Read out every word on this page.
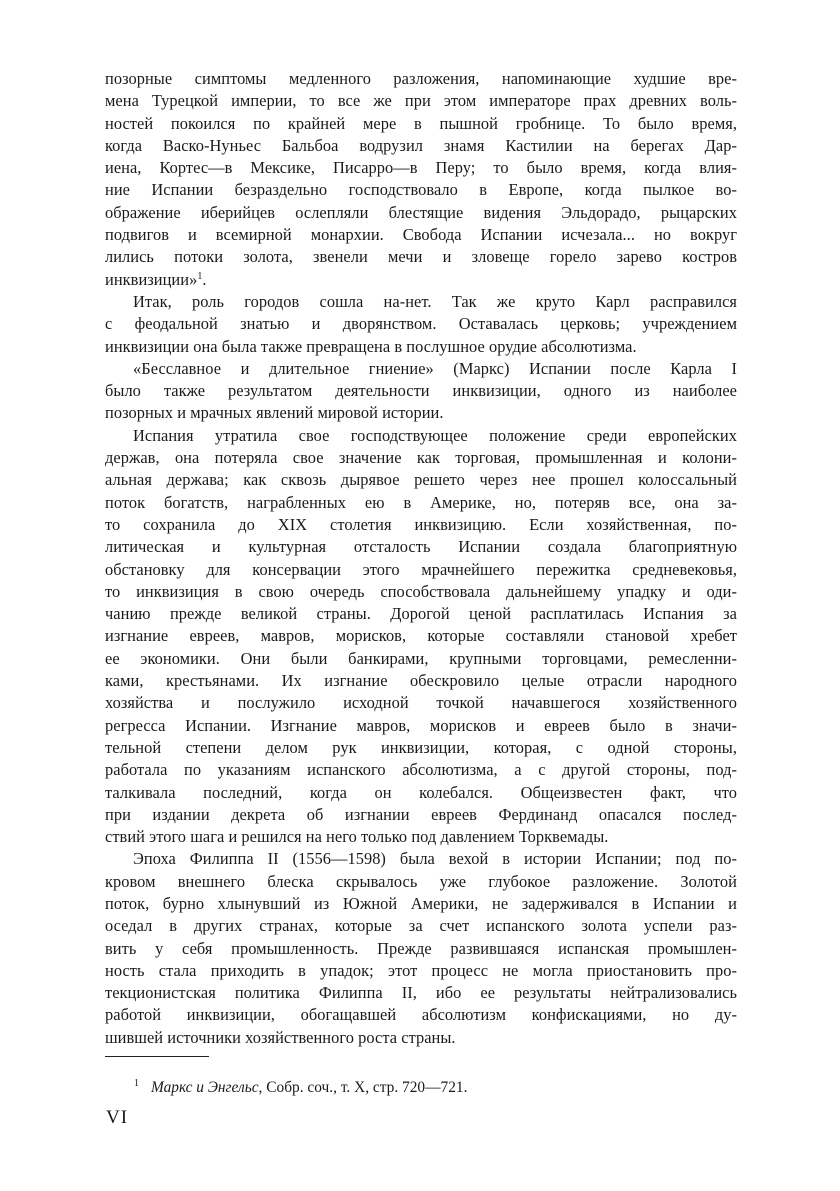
позорные симптомы медленного разложения, напоминающие худшие вре-
мена Турецкой империи, то все же при этом императоре прах древних воль-
ностей покоился по крайней мере в пышной гробнице. То было время,
когда Васко-Нуньес Бальбоа водрузил знамя Кастилии на берегах Дар-
иена, Кортес—в Мексике, Писарро—в Перу; то было время, когда влия-
ние Испании безраздельно господствовало в Европе, когда пылкое во-
ображение иберийцев ослепляли блестящие видения Эльдорадо, рыцарских
подвигов и всемирной монархии. Свобода Испании исчезала... но вокруг
лились потоки золота, звенели мечи и зловеще горело зарево костров
инквизиции»$^1$.
Итак, роль городов сошла на-нет. Так же круто Карл расправился
с феодальной знатью и дворянством. Оставалась церковь; учреждением
инквизиции она была также превращена в послушное орудие абсолютизма.
«Бесславное и длительное гниение» (Маркс) Испании после Карла I
было также результатом деятельности инквизиции, одного из наиболее
позорных и мрачных явлений мировой истории.
Испания утратила свое господствующее положение среди европейских
держав, она потеряла свое значение как торговая, промышленная и колони-
альная держава; как сквозь дырявое решето через нее прошел колоссальный
поток богатств, награбленных ею в Америке, но, потеряв все, она за-
то сохранила до XIX столетия инквизицию. Если хозяйственная, по-
литическая и культурная отсталость Испании создала благоприятную
обстановку для консервации этого мрачнейшего пережитка средневековья,
то инквизиция в свою очередь способствовала дальнейшему упадку и оди-
чанию прежде великой страны. Дорогой ценой расплатилась Испания за
изгнание евреев, мавров, морисков, которые составляли становой хребет
ее экономики. Они были банкирами, крупными торговцами, ремесленни-
ками, крестьянами. Их изгнание обескровило целые отрасли народного
хозяйства и послужило исходной точкой начавшегося хозяйственного
регресса Испании. Изгнание мавров, морисков и евреев было в значи-
тельной степени делом рук инквизиции, которая, с одной стороны,
работала по указаниям испанского абсолютизма, а с другой стороны, под-
талкивала последний, когда он колебался. Общеизвестен факт, что
при издании декрета об изгнании евреев Фердинанд опасался послед-
ствий этого шага и решился на него только под давлением Торквемады.
Эпоха Филиппа II (1556—1598) была вехой в истории Испании; под по-
кровом внешнего блеска скрывалось уже глубокое разложение. Золотой
поток, бурно хлынувший из Южной Америки, не задерживался в Испании и
оседал в других странах, которые за счет испанского золота успели раз-
вить у себя промышленность. Прежде развившаяся испанская промышлен-
ность стала приходить в упадок; этот процесс не могла приостановить про-
текционистская политика Филиппа II, ибо ее результаты нейтрализовались
работой инквизиции, обогащавшей абсолютизм конфискациями, но ду-
шившей источники хозяйственного роста страны.
$^1$ Маркс и Энгельс, Собр. соч., т. X, стр. 720—721.
VI
